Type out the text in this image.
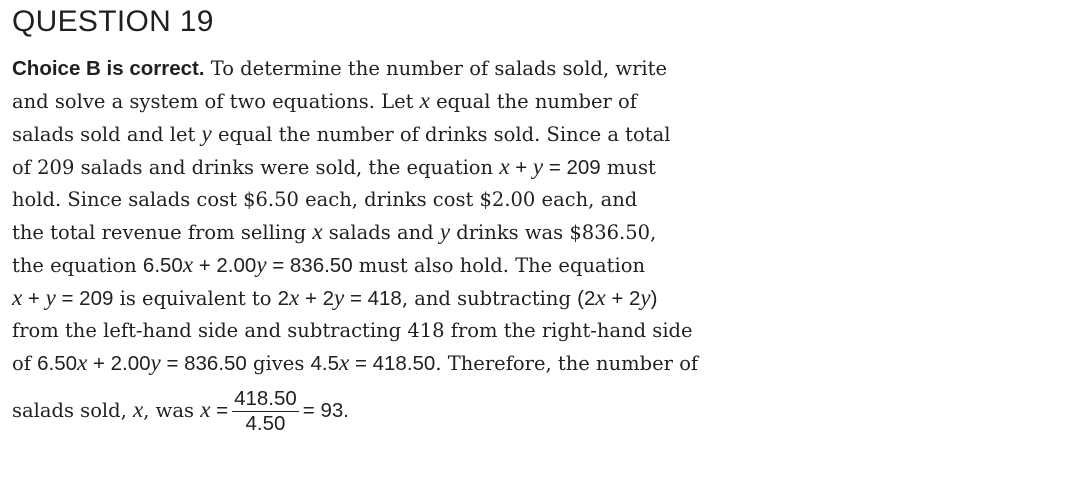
QUESTION 19
Choice B is correct. To determine the number of salads sold, write
and solve a system of two equations. Let x equal the number of
salads sold and let y equal the number of drinks sold. Since a total
of 209 salads and drinks were sold, the equation x + y = 209 must
hold. Since salads cost $6.50 each, drinks cost $2.00 each, and
the total revenue from selling x salads and y drinks was $836.50,
the equation 6.50x + 2.00y = 836.50 must also hold. The equation
x + y = 209 is equivalent to 2x + 2y = 418, and subtracting (2x + 2y)
from the left-hand side and subtracting 418 from the right-hand side
of 6.50x + 2.00y = 836.50 gives 4.5x = 418.50. Therefore, the number of
salads sold, x, was $x = \frac{418.50}{4.50} = 93$.
